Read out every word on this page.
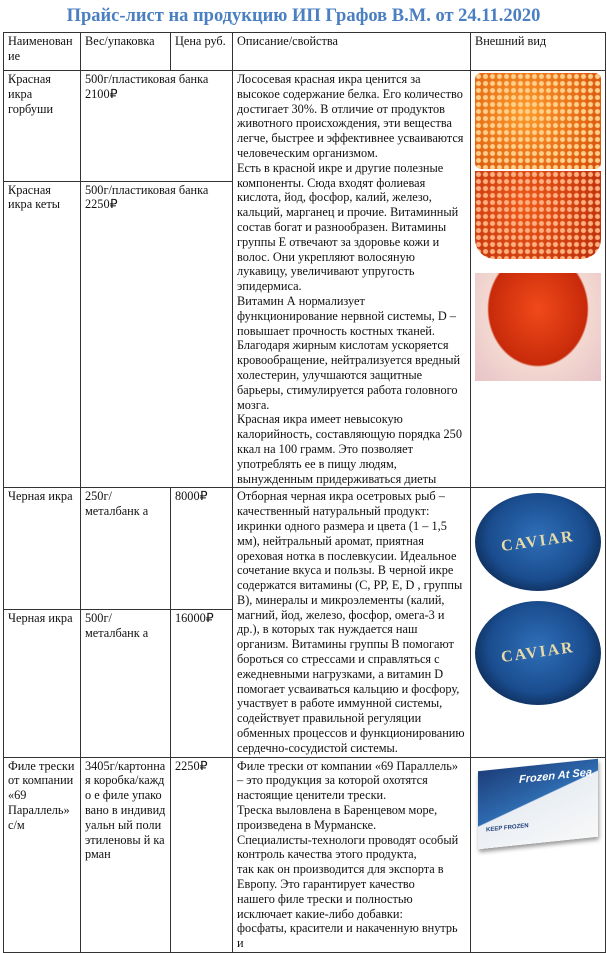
Прайс-лист на продукцию ИП Графов В.М. от 24.11.2020
Наименован ие	Вес/упаковка	Цена руб.	Описание/свойства	Внешний вид
Красная икра горбуши	500г/пластиковая банка
2100₽	Лососевая красная икра ценится за высокое содержание белка. Его количество достигает 30%. В отличие от продуктов животного происхождения, эти вещества легче, быстрее и эффективнее усваиваются человеческим организмом.
Есть в красной икре и другие полезные компоненты. Сюда входят фолиевая кислота, йод, фосфор, калий, железо, кальций, марганец и прочие. Витаминный состав богат и разнообразен. Витамины группы Е отвечают за здоровье кожи и волос. Они укрепляют волосяную лукавицу, увеличивают упругость эпидермиса.
Витамин А нормализует функционирование нервной системы, D – повышает прочность костных тканей. Благодаря жирным кислотам ускоряется кровообращение, нейтрализуется вредный холестерин, улучшаются защитные барьеры, стимулируется работа головного мозга.
Красная икра имеет невысокую калорийность, составляющую порядка 250 ккал на 100 грамм. Это позволяет употреблять ее в пищу людям, вынужденным придерживаться диеты	

Красная икра кеты	500г/пластиковая банка
2250₽
Черная икра	250г/металбанк а	8000₽	Отборная черная икра осетровых рыб – качественный натуральный продукт: икринки одного размера и цвета (1 – 1,5 мм), нейтральный аромат, приятная ореховая нотка в послевкусии. Идеальное сочетание вкуса и пользы. В черной икре содержатся витамины (С, РР, Е, D , группы В), минералы и микроэлементы (калий, магний, йод, железо, фосфор, омега-3 и др.), в которых так нуждается наш организм. Витамины группы В помогают бороться со стрессами и справляться с ежедневными нагрузками, а витамин D помогает усваиваться кальцию и фосфору, участвует в работе иммунной системы, содействует правильной регуляции обменных процессов и функционированию сердечно-сосудистой системы.	
CAVIAR
CAVIAR

Черная икра	500г/металбанк а	16000₽
Филе трески от компании «69 Параллель» с/м	3405г/картонна я коробка/каждо е филе упаковано в индивидуальн ый полиэтиленовы й карман	2250₽	Филе трески от компании «69 Параллель» – это продукция за которой охотятся настоящие ценители трески.
Треска выловлена в Баренцевом море, произведена в Мурманске.
Специалисты-технологи проводят особый контроль качества этого продукта,
так как он производится для экспорта в Европу. Это гарантирует качество
нашего филе трески и полностью исключает какие-либо добавки:
фосфаты, красители и накаченную внутрь и	
Frozen At Sea
KEEP FROZEN
